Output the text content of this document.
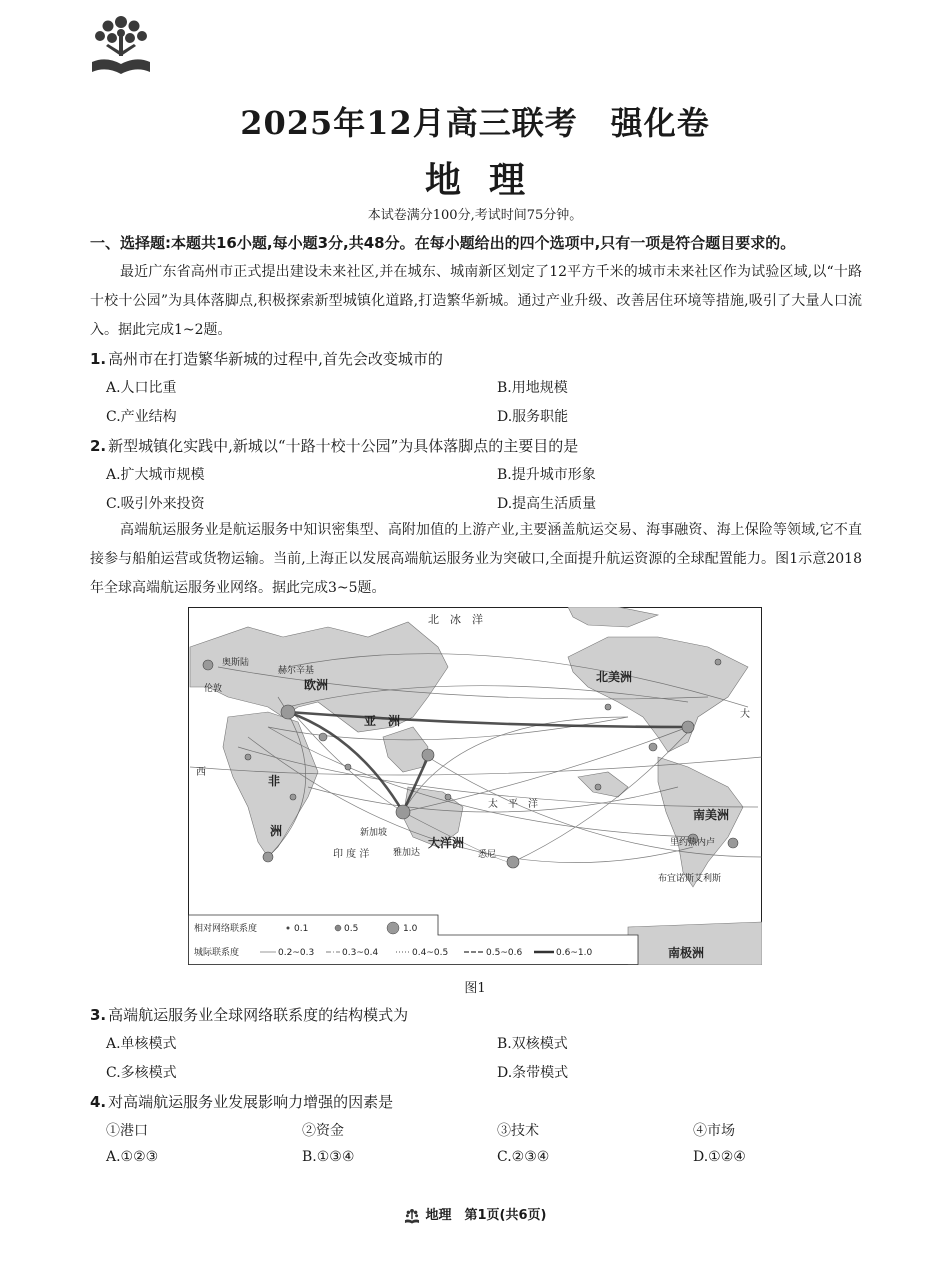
2025年12月高三联考　强化卷
地 理
本试卷满分100分,考试时间75分钟。
一、选择题:本题共16小题,每小题3分,共48分。在每小题给出的四个选项中,只有一项是符合题目要求的。
最近广东省高州市正式提出建设未来社区,并在城东、城南新区划定了12平方千米的城市未来社区作为试验区域,以“十路十校十公园”为具体落脚点,积极探索新型城镇化道路,打造繁华新城。通过产业升级、改善居住环境等措施,吸引了大量人口流入。据此完成1~2题。
1. 高州市在打造繁华新城的过程中,首先会改变城市的
A.人口比重	B.用地规模
C.产业结构	D.服务职能
2. 新型城镇化实践中,新城以“十路十校十公园”为具体落脚点的主要目的是
A.扩大城市规模	B.提升城市形象
C.吸引外来投资	D.提高生活质量
高端航运服务业是航运服务中知识密集型、高附加值的上游产业,主要涵盖航运交易、海事融资、海上保险等领域,它不直接参与船舶运营或货物运输。当前,上海正以发展高端航运服务业为突破口,全面提升航运资源的全球配置能力。图1示意2018年全球高端航运服务业网络。据此完成3~5题。
北　冰　洋
北美洲
欧洲
亚　洲
非
洲
印 度 洋
太　平　洋
大洋洲
南美洲
南极洲
奥斯陆
赫尔辛基
伦敦
新加坡
雅加达	悉尼
里约热内卢
布宜诺斯艾利斯
西
大
相对网络联系度	0.1	0.5	1.0
城际联系度	0.2~0.3	0.3~0.4	0.4~0.5	0.5~0.6	0.6~1.0
图1
3. 高端航运服务业全球网络联系度的结构模式为
A.单核模式	B.双核模式
C.多核模式	D.条带模式
4. 对高端航运服务业发展影响力增强的因素是
①港口	②资金	③技术	④市场
A.①②③	B.①③④	C.②③④	D.①②④
地理　第1页(共6页)
